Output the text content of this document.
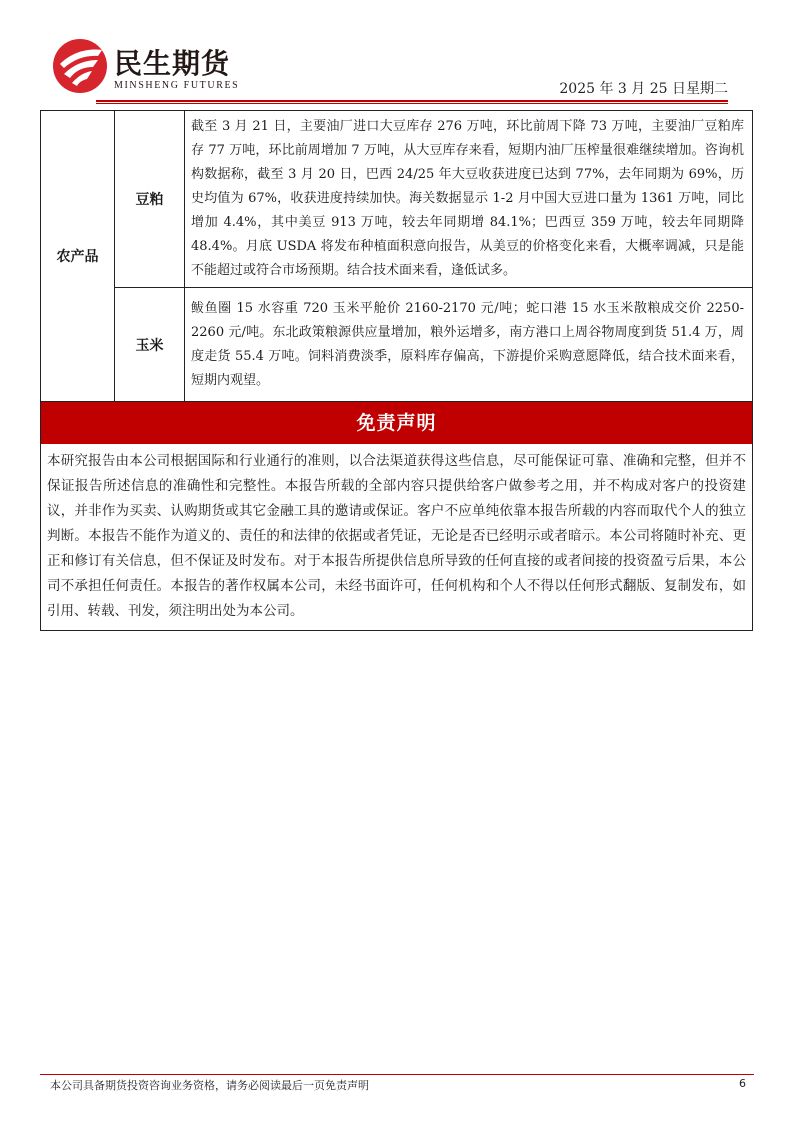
民生期货
MINSHENG FUTURES	2025 年 3 月 25 日星期二
农产品	豆粕	截至 3 月 21 日，主要油厂进口大豆库存 276 万吨，环比前周下降 73 万吨，主要油厂豆粕库存 77 万吨，环比前周增加 7 万吨，从大豆库存来看，短期内油厂压榨量很难继续增加。咨询机构数据称，截至 3 月 20 日，巴西 24/25 年大豆收获进度已达到 77%，去年同期为 69%，历史均值为 67%，收获进度持续加快。海关数据显示 1-2 月中国大豆进口量为 1361 万吨，同比增加 4.4%，其中美豆 913 万吨，较去年同期增 84.1%；巴西豆 359 万吨，较去年同期降 48.4%。月底 USDA 将发布种植面积意向报告，从美豆的价格变化来看，大概率调减，只是能不能超过或符合市场预期。结合技术面来看，逢低试多。
	玉米	鲅鱼圈 15 水容重 720 玉米平舱价 2160-2170 元/吨；蛇口港 15 水玉米散粮成交价 2250-2260 元/吨。东北政策粮源供应量增加，粮外运增多，南方港口上周谷物周度到货 51.4 万，周度走货 55.4 万吨。饲料消费淡季，原料库存偏高，下游提价采购意愿降低，结合技术面来看，短期内观望。
免责声明
本研究报告由本公司根据国际和行业通行的准则，以合法渠道获得这些信息，尽可能保证可靠、准确和完整，但并不保证报告所述信息的准确性和完整性。本报告所载的全部内容只提供给客户做参考之用，并不构成对客户的投资建议，并非作为买卖、认购期货或其它金融工具的邀请或保证。客户不应单纯依靠本报告所载的内容而取代个人的独立判断。本报告不能作为道义的、责任的和法律的依据或者凭证，无论是否已经明示或者暗示。本公司将随时补充、更正和修订有关信息，但不保证及时发布。对于本报告所提供信息所导致的任何直接的或者间接的投资盈亏后果，本公司不承担任何责任。本报告的著作权属本公司，未经书面许可，任何机构和个人不得以任何形式翻版、复制发布，如引用、转载、刊发，须注明出处为本公司。
本公司具备期货投资咨询业务资格，请务必阅读最后一页免责声明	6
